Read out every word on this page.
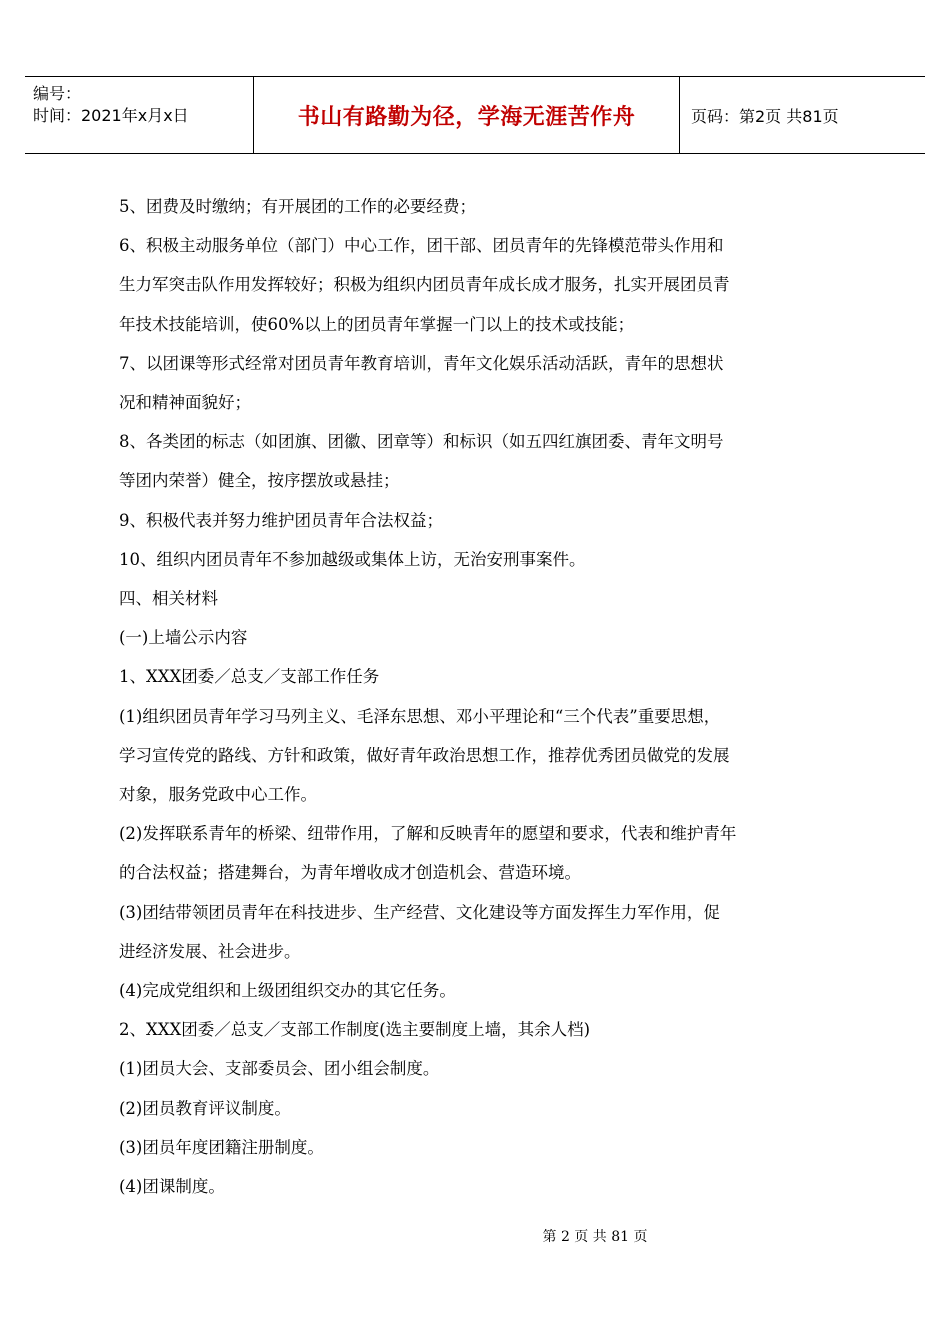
编号：
时间：2021年x月x日	书山有路勤为径，学海无涯苦作舟	页码：第2页 共81页

5、团费及时缴纳；有开展团的工作的必要经费；

6、积极主动服务单位（部门）中心工作，团干部、团员青年的先锋模范带头作用和

生力军突击队作用发挥较好；积极为组织内团员青年成长成才服务，扎实开展团员青

年技术技能培训，使60%以上的团员青年掌握一门以上的技术或技能；

7、以团课等形式经常对团员青年教育培训，青年文化娱乐活动活跃，青年的思想状

况和精神面貌好；

8、各类团的标志（如团旗、团徽、团章等）和标识（如五四红旗团委、青年文明号

等团内荣誉）健全，按序摆放或悬挂；

9、积极代表并努力维护团员青年合法权益；

10、组织内团员青年不参加越级或集体上访，无治安刑事案件。

四、相关材料

(一)上墙公示内容

1、XXX团委／总支／支部工作任务

(1)组织团员青年学习马列主义、毛泽东思想、邓小平理论和“三个代表”重要思想，

学习宣传党的路线、方针和政策，做好青年政治思想工作，推荐优秀团员做党的发展

对象，服务党政中心工作。

(2)发挥联系青年的桥梁、纽带作用，了解和反映青年的愿望和要求，代表和维护青年

的合法权益；搭建舞台，为青年增收成才创造机会、营造环境。

(3)团结带领团员青年在科技进步、生产经营、文化建设等方面发挥生力军作用，促

进经济发展、社会进步。

(4)完成党组织和上级团组织交办的其它任务。

2、XXX团委／总支／支部工作制度(选主要制度上墙，其余人档)

(1)团员大会、支部委员会、团小组会制度。

(2)团员教育评议制度。

(3)团员年度团籍注册制度。

(4)团课制度。

第 2 页 共 81 页
